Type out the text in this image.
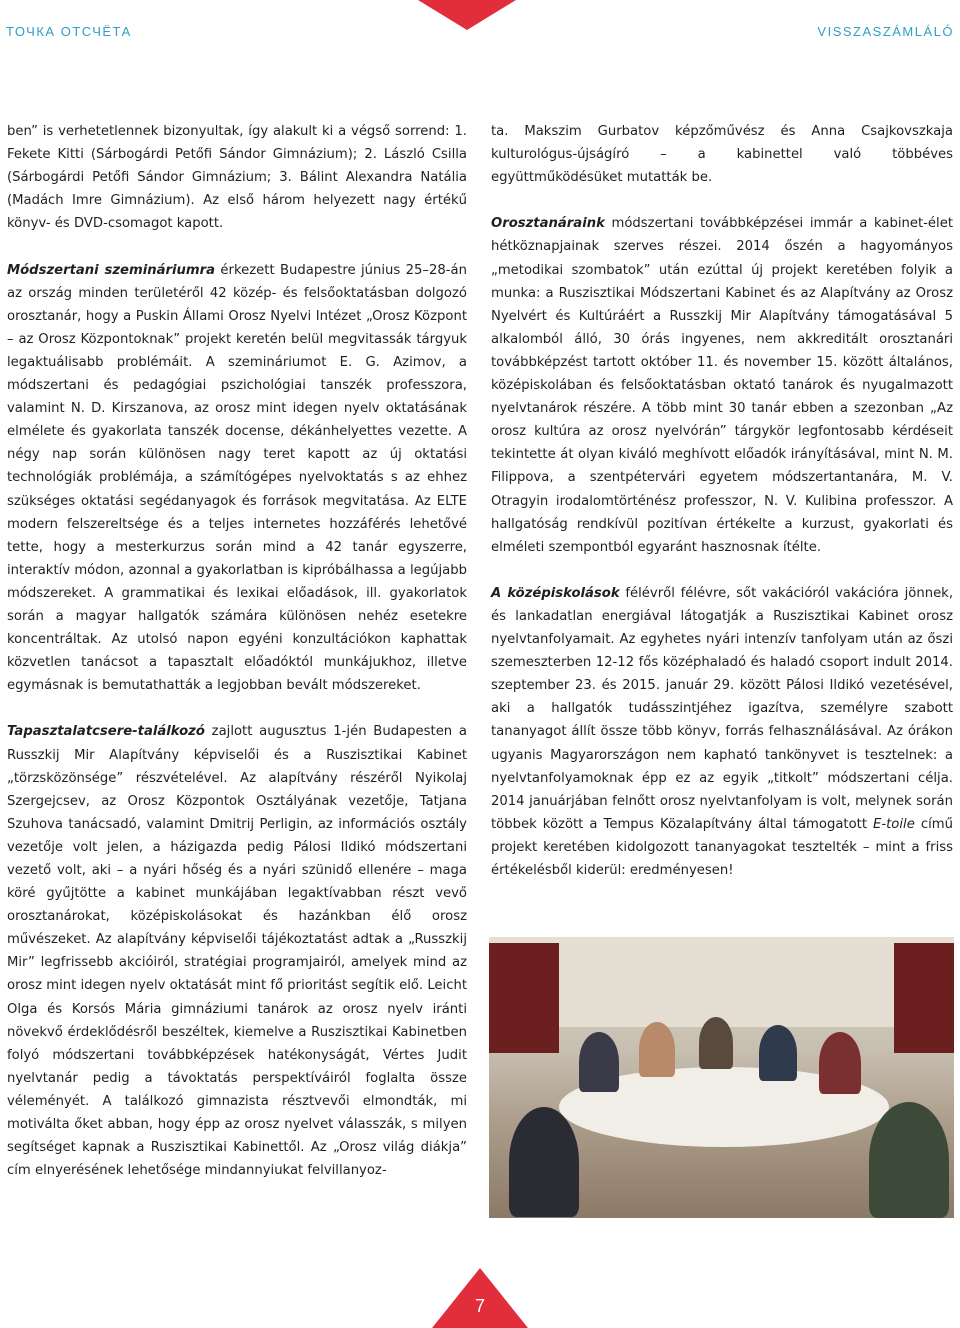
ТОЧКА ОТСЧЁТА	VISSZASZÁMLÁLÓ

ben” is verhetetlennek bizonyultak, így alakult ki a végső sorrend: 1. Fekete Kitti (Sárbogárdi Petőfi Sándor Gimnázium); 2. László Csilla (Sárbogárdi Petőfi Sándor Gimnázium; 3. Bálint Alexandra Natália (Madách Imre Gimnázium). Az első három helyezett nagy értékű könyv- és DVD-csomagot kapott.

Módszertani szemináriumra érkezett Budapestre június 25–28-án az ország minden területéről 42 közép- és felsőoktatásban dolgozó orosztanár, hogy a Puskin Állami Orosz Nyelvi Intézet „Orosz Központ – az Orosz Központoknak” projekt keretén belül megvitassák tárgyuk legaktuálisabb problémáit. A szemináriumot E. G. Azimov, a módszertani és pedagógiai pszichológiai tanszék professzora, valamint N. D. Kirszanova, az orosz mint idegen nyelv oktatásának elmélete és gyakorlata tanszék docense, dékánhelyettes vezette. A négy nap során különösen nagy teret kapott az új oktatási technológiák problémája, a számítógépes nyelvoktatás s az ehhez szükséges oktatási segédanyagok és források megvitatása. Az ELTE modern felszereltsége és a teljes internetes hozzáférés lehetővé tette, hogy a mesterkurzus során mind a 42 tanár egyszerre, interaktív módon, azonnal a gyakorlatban is kipróbálhassa a legújabb módszereket. A grammatikai és lexikai előadások, ill. gyakorlatok során a magyar hallgatók számára különösen nehéz esetekre koncentráltak. Az utolsó napon egyéni konzultációkon kaphattak közvetlen tanácsot a tapasztalt előadóktól munkájukhoz, illetve egymásnak is bemutathatták a legjobban bevált módszereket.

Tapasztalatcsere-találkozó zajlott augusztus 1-jén Budapesten a Russzkij Mir Alapítvány képviselői és a Ruszisztikai Kabinet „törzsközönsége” részvételével. Az alapítvány részéről Nyikolaj Szergejcsev, az Orosz Központok Osztályának vezetője, Tatjana Szuhova tanácsadó, valamint Dmitrij Perligin, az információs osztály vezetője volt jelen, a házigazda pedig Pálosi Ildikó módszertani vezető volt, aki – a nyári hőség és a nyári szünidő ellenére – maga köré gyűjtötte a kabinet munkájában legaktívabban részt vevő orosztanárokat, középiskolásokat és hazánkban élő orosz művészeket. Az alapítvány képviselői tájékoztatást adtak a „Russzkij Mir” legfrissebb akcióiról, stratégiai programjairól, amelyek mind az orosz mint idegen nyelv oktatását mint fő prioritást segítik elő. Leicht Olga és Korsós Mária gimnáziumi tanárok az orosz nyelv iránti növekvő érdeklődésről beszéltek, kiemelve a Ruszisztikai Kabinetben folyó módszertani továbbképzések hatékonyságát, Vértes Judit nyelvtanár pedig a távoktatás perspektíváiról foglalta össze véleményét. A találkozó gimnazista résztvevői elmondták, mi motiválta őket abban, hogy épp az orosz nyelvet válasszák, s milyen segítséget kapnak a Ruszisztikai Kabinettől. Az „Orosz világ diákja” cím elnyerésének lehetősége mindannyiukat felvillanyoz-

ta. Makszim Gurbatov képzőművész és Anna Csajkovszkaja kulturológus-újságíró – a kabinettel való többéves együttműködésüket mutatták be.

Orosztanáraink módszertani továbbképzései immár a kabinet-élet hétköznapjainak szerves részei. 2014 őszén a hagyományos „metodikai szombatok” után ezúttal új projekt keretében folyik a munka: a Ruszisztikai Módszertani Kabinet és az Alapítvány az Orosz Nyelvért és Kultúráért a Russzkij Mir Alapítvány támogatásával 5 alkalomból álló, 30 órás ingyenes, nem akkreditált orosztanári továbbképzést tartott október 11. és november 15. között általános, középiskolában és felsőoktatásban oktató tanárok és nyugalmazott nyelvtanárok részére. A több mint 30 tanár ebben a szezonban „Az orosz kultúra az orosz nyelvórán” tárgykör legfontosabb kérdéseit tekintette át olyan kiváló meghívott előadók irányításával, mint N. M. Filippova, a szentpétervári egyetem módszertantanára, M. V. Otragyin irodalomtörténész professzor, N. V. Kulibina professzor. A hallgatóság rendkívül pozitívan értékelte a kurzust, gyakorlati és elméleti szempontból egyaránt hasznosnak ítélte.

A középiskolások félévről félévre, sőt vakációról vakációra jönnek, és lankadatlan energiával látogatják a Ruszisztikai Kabinet orosz nyelvtanfolyamait. Az egyhetes nyári intenzív tanfolyam után az őszi szemeszterben 12-12 fős középhaladó és haladó csoport indult 2014. szeptember 23. és 2015. január 29. között Pálosi Ildikó vezetésével, aki a hallgatók tudásszintjéhez igazítva, személyre szabott tananyagot állít össze több könyv, forrás felhasználásával. Az órákon ugyanis Magyarországon nem kapható tankönyvet is tesztelnek: a nyelvtanfolyamoknak épp ez az egyik „titkolt” módszertani célja. 2014 januárjában felnőtt orosz nyelvtanfolyam is volt, melynek során többek között a Tempus Közalapítvány által támogatott E-toile című projekt keretében kidolgozott tananyagokat tesztelték – mint a friss értékelésből kiderül: eredményesen!

7
